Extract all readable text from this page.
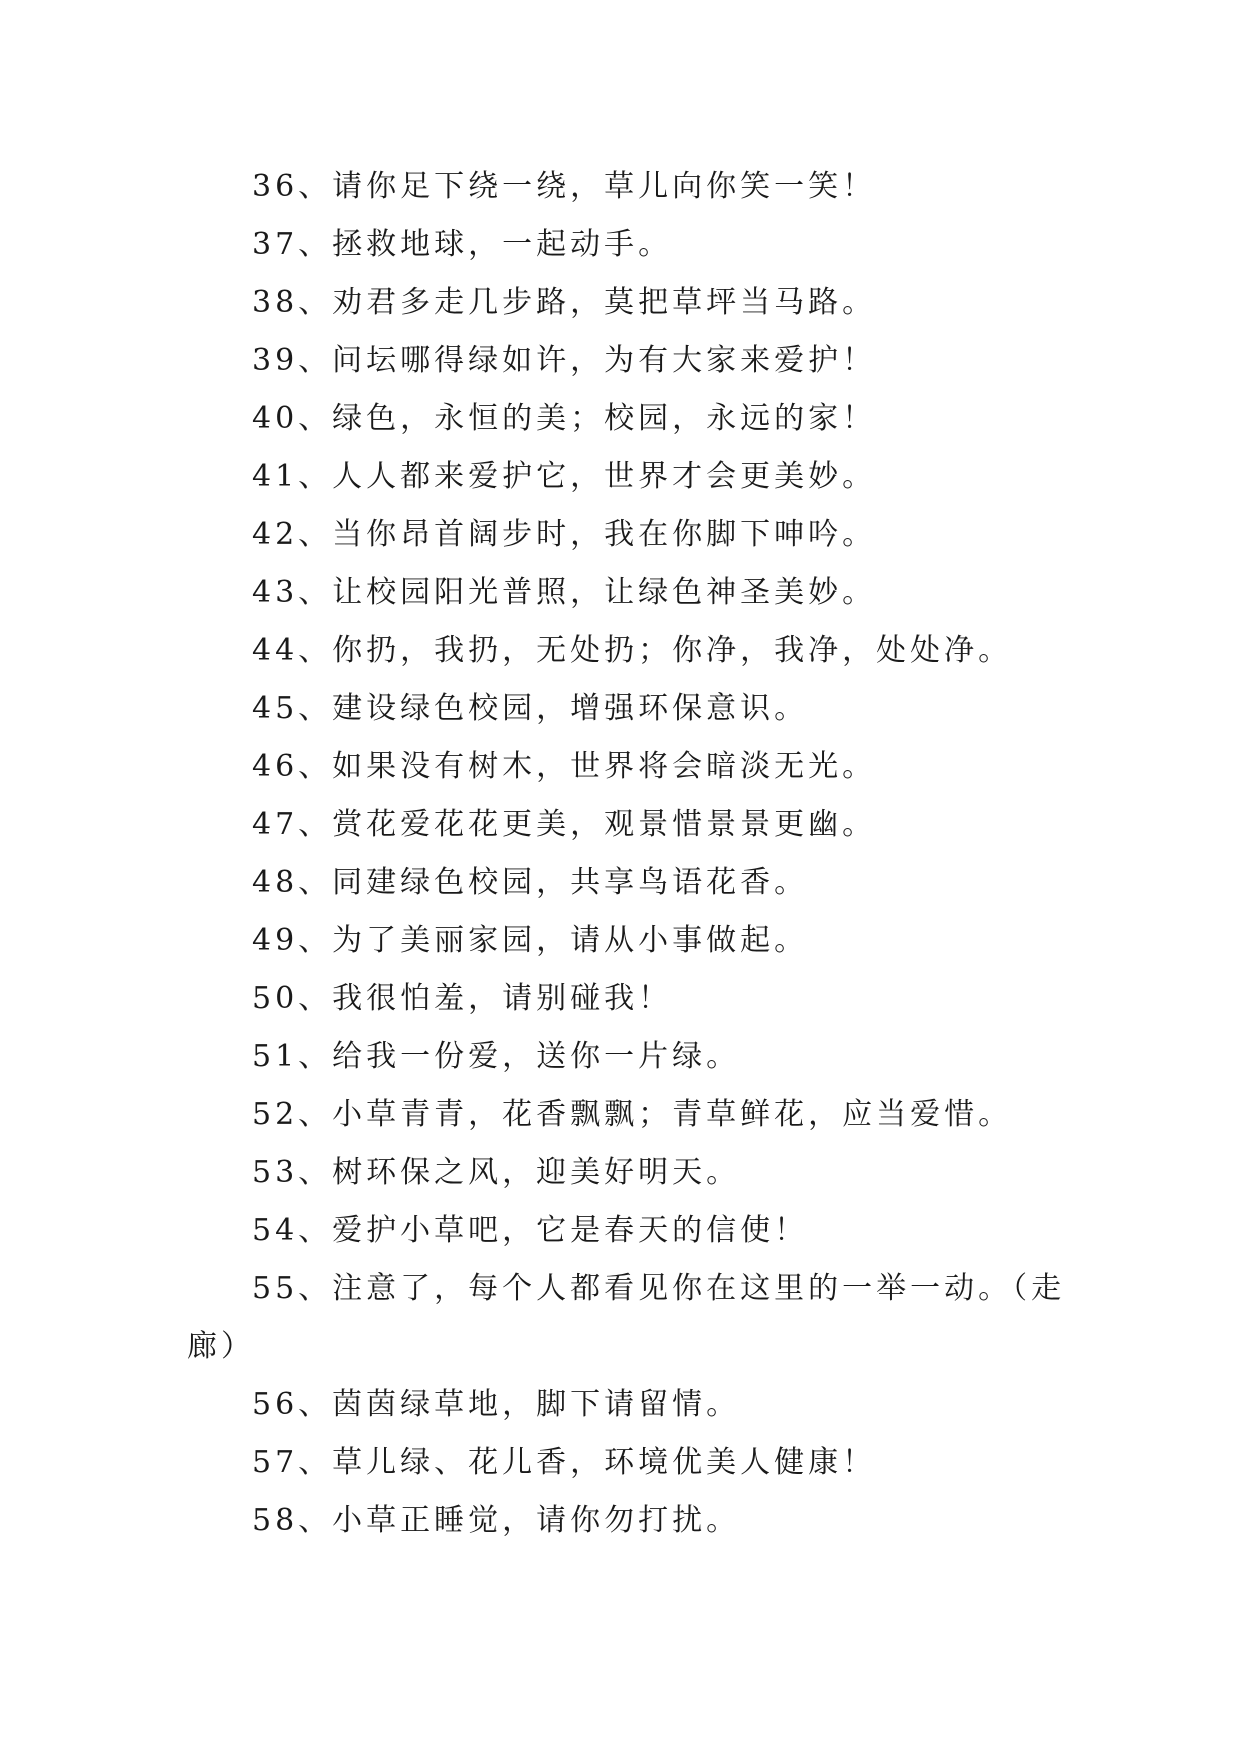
36、请你足下绕一绕，草儿向你笑一笑！
37、拯救地球，一起动手。
38、劝君多走几步路，莫把草坪当马路。
39、问坛哪得绿如许，为有大家来爱护！
40、绿色，永恒的美；校园，永远的家！
41、人人都来爱护它，世界才会更美妙。
42、当你昂首阔步时，我在你脚下呻吟。
43、让校园阳光普照，让绿色神圣美妙。
44、你扔，我扔，无处扔；你净，我净，处处净。
45、建设绿色校园，增强环保意识。
46、如果没有树木，世界将会暗淡无光。
47、赏花爱花花更美，观景惜景景更幽。
48、同建绿色校园，共享鸟语花香。
49、为了美丽家园，请从小事做起。
50、我很怕羞，请别碰我！
51、给我一份爱，送你一片绿。
52、小草青青，花香飘飘；青草鲜花，应当爱惜。
53、树环保之风，迎美好明天。
54、爱护小草吧，它是春天的信使！
55、注意了，每个人都看见你在这里的一举一动。（走
廊）
56、茵茵绿草地，脚下请留情。
57、草儿绿、花儿香，环境优美人健康！
58、小草正睡觉，请你勿打扰。
